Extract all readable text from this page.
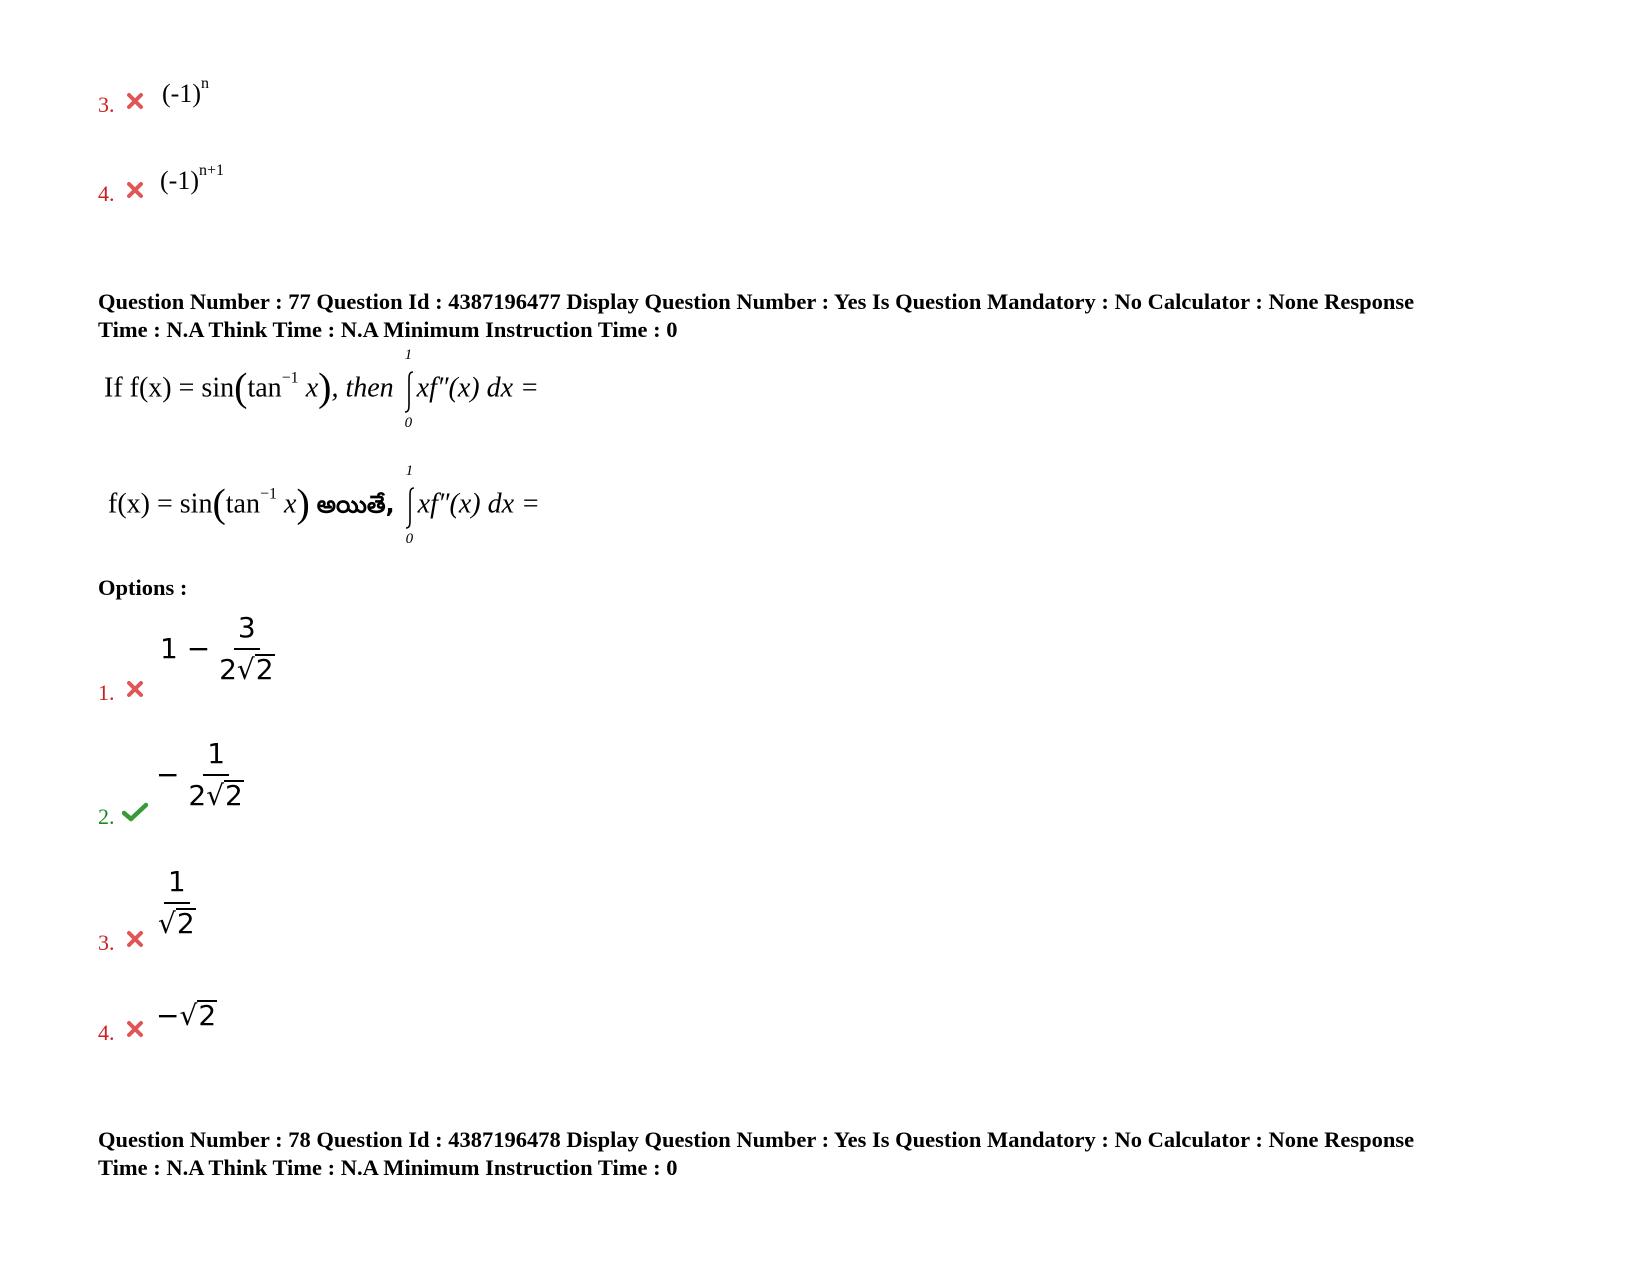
3. $(-1)^n$
4. $(-1)^{n+1}$
Question Number : 77 Question Id : 4387196477 Display Question Number : Yes Is Question Mandatory : No Calculator : None Response
Time : N.A Think Time : N.A Minimum Instruction Time : 0
If $f(x) = \sin(\tan^{-1}$ x), then
1
0
xf″(x) dx =
$f(x) = \sin(\tan^{-1}$ x) అయితే,
1
0
xf″(x) dx =
Options :
1.
$1 - \frac{3}{2 √ 2}$
2.
− $\frac{1}{2 √ 2}$
3.
$\frac{1}{√ 2}$
4.
− √ 2
Question Number : 78 Question Id : 4387196478 Display Question Number : Yes Is Question Mandatory : No Calculator : None Response
Time : N.A Think Time : N.A Minimum Instruction Time : 0
